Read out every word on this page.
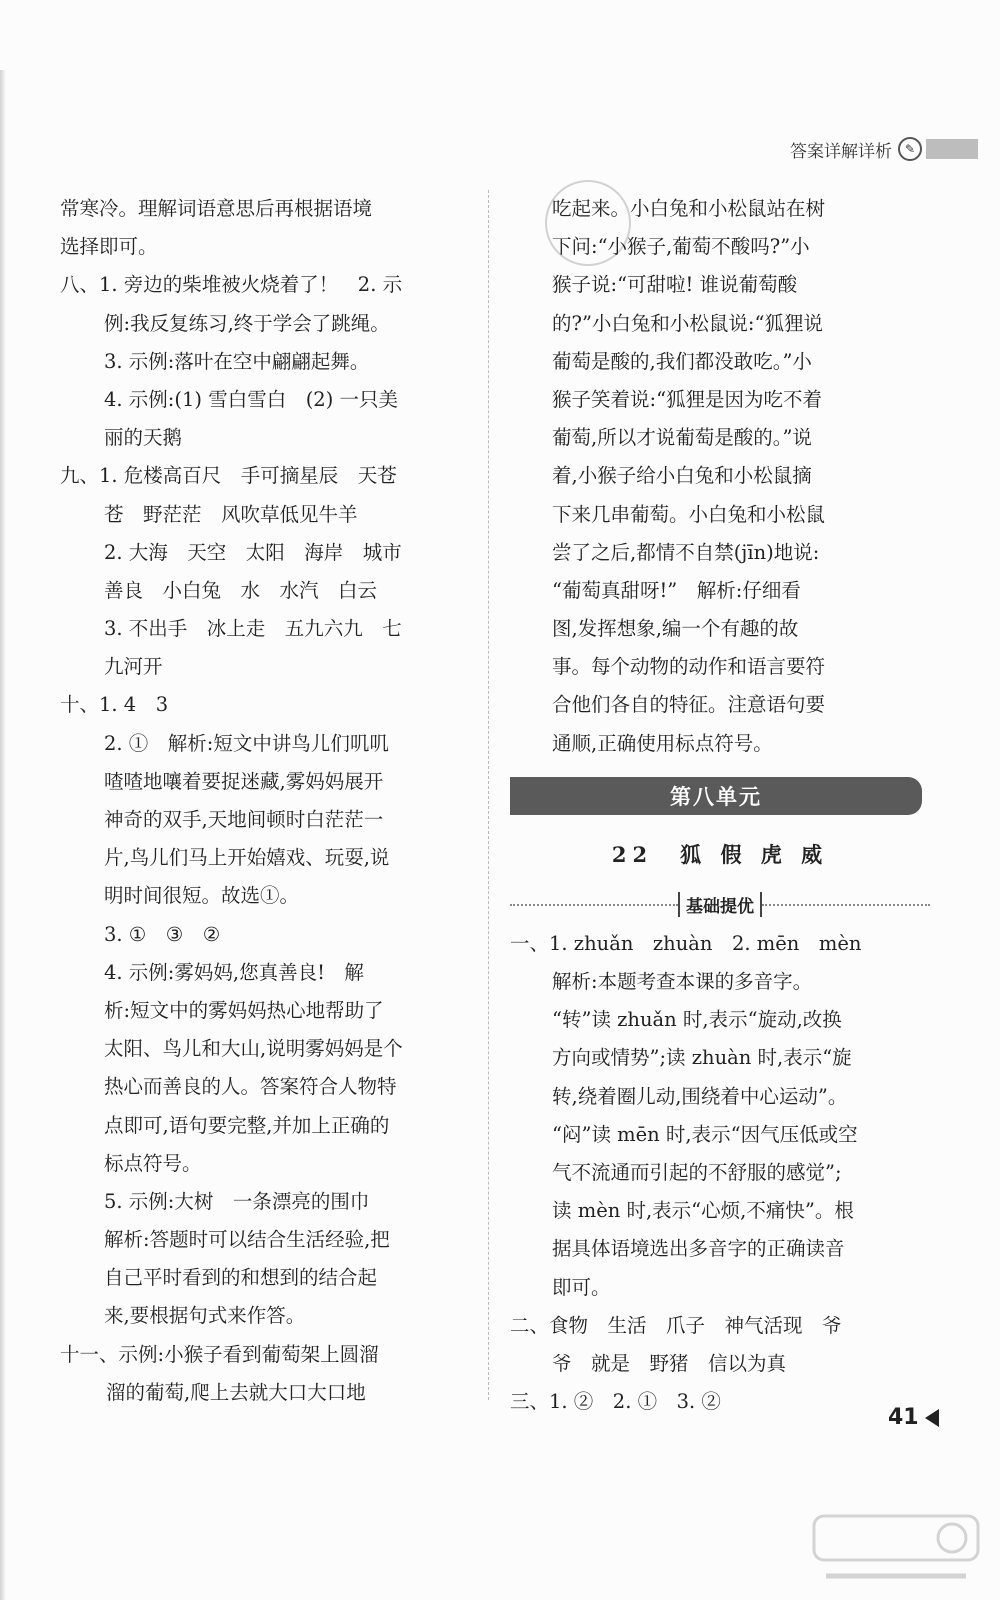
答案详解详析	✎
常寒冷。理解词语意思后再根据语境
选择即可。
八、1. 旁边的柴堆被火烧着了！　2. 示
例:我反复练习,终于学会了跳绳。
3. 示例:落叶在空中翩翩起舞。
4. 示例:(1) 雪白雪白　(2) 一只美
丽的天鹅
九、1. 危楼高百尺　手可摘星辰　天苍
苍　野茫茫　风吹草低见牛羊
2. 大海　天空　太阳　海岸　城市
善良　小白兔　水　水汽　白云
3. 不出手　冰上走　五九六九　七
九河开
十、1. 4　3
2. ①　解析:短文中讲鸟儿们叽叽
喳喳地嚷着要捉迷藏,雾妈妈展开
神奇的双手,天地间顿时白茫茫一
片,鸟儿们马上开始嬉戏、玩耍,说
明时间很短。故选①。
3. ①　③　②
4. 示例:雾妈妈,您真善良!　解
析:短文中的雾妈妈热心地帮助了
太阳、鸟儿和大山,说明雾妈妈是个
热心而善良的人。答案符合人物特
点即可,语句要完整,并加上正确的
标点符号。
5. 示例:大树　一条漂亮的围巾
解析:答题时可以结合生活经验,把
自己平时看到的和想到的结合起
来,要根据句式来作答。
十一、示例:小猴子看到葡萄架上圆溜
溜的葡萄,爬上去就大口大口地
吃起来。小白兔和小松鼠站在树
下问:“小猴子,葡萄不酸吗?”小
猴子说:“可甜啦! 谁说葡萄酸
的?”小白兔和小松鼠说:“狐狸说
葡萄是酸的,我们都没敢吃。”小
猴子笑着说:“狐狸是因为吃不着
葡萄,所以才说葡萄是酸的。”说
着,小猴子给小白兔和小松鼠摘
下来几串葡萄。小白兔和小松鼠
尝了之后,都情不自禁(jīn)地说:
“葡萄真甜呀!”　解析:仔细看
图,发挥想象,编一个有趣的故
事。每个动物的动作和语言要符
合他们各自的特征。注意语句要
通顺,正确使用标点符号。
第八单元
22　狐 假 虎 威
基础提优
一、1. zhuǎn　zhuàn　2. mēn　mèn
解析:本题考查本课的多音字。
“转”读 zhuǎn 时,表示“旋动,改换
方向或情势”;读 zhuàn 时,表示“旋
转,绕着圈儿动,围绕着中心运动”。
“闷”读 mēn 时,表示“因气压低或空
气不流通而引起的不舒服的感觉”;
读 mèn 时,表示“心烦,不痛快”。根
据具体语境选出多音字的正确读音
即可。
二、食物　生活　爪子　神气活现　爷
爷　就是　野猪　信以为真
三、1. ②　2. ①　3. ②
41
